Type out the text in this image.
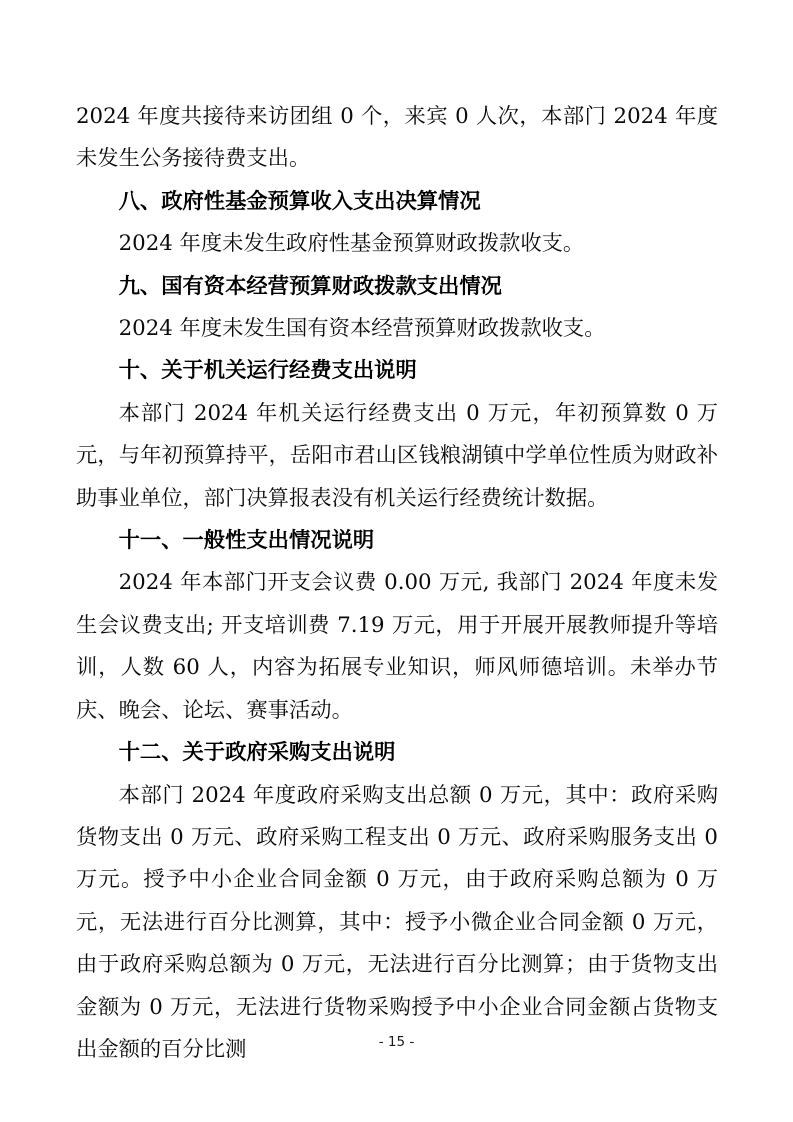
2024 年度共接待来访团组 0 个，来宾 0 人次，本部门 2024 年度未发生公务接待费支出。

八、政府性基金预算收入支出决算情况

2024 年度未发生政府性基金预算财政拨款收支。

九、国有资本经营预算财政拨款支出情况

2024 年度未发生国有资本经营预算财政拨款收支。

十、关于机关运行经费支出说明

本部门 2024 年机关运行经费支出 0 万元，年初预算数 0 万元，与年初预算持平，岳阳市君山区钱粮湖镇中学单位性质为财政补助事业单位，部门决算报表没有机关运行经费统计数据。

十一、一般性支出情况说明

2024 年本部门开支会议费 0.00 万元, 我部门 2024 年度未发生会议费支出; 开支培训费 7.19 万元，用于开展开展教师提升等培训，人数 60 人，内容为拓展专业知识，师风师德培训。未举办节庆、晚会、论坛、赛事活动。

十二、关于政府采购支出说明

本部门 2024 年度政府采购支出总额 0 万元，其中：政府采购货物支出 0 万元、政府采购工程支出 0 万元、政府采购服务支出 0 万元。授予中小企业合同金额 0 万元，由于政府采购总额为 0 万元，无法进行百分比测算，其中：授予小微企业合同金额 0 万元，由于政府采购总额为 0 万元，无法进行百分比测算；由于货物支出金额为 0 万元，无法进行货物采购授予中小企业合同金额占货物支出金额的百分比测	- 15 -
